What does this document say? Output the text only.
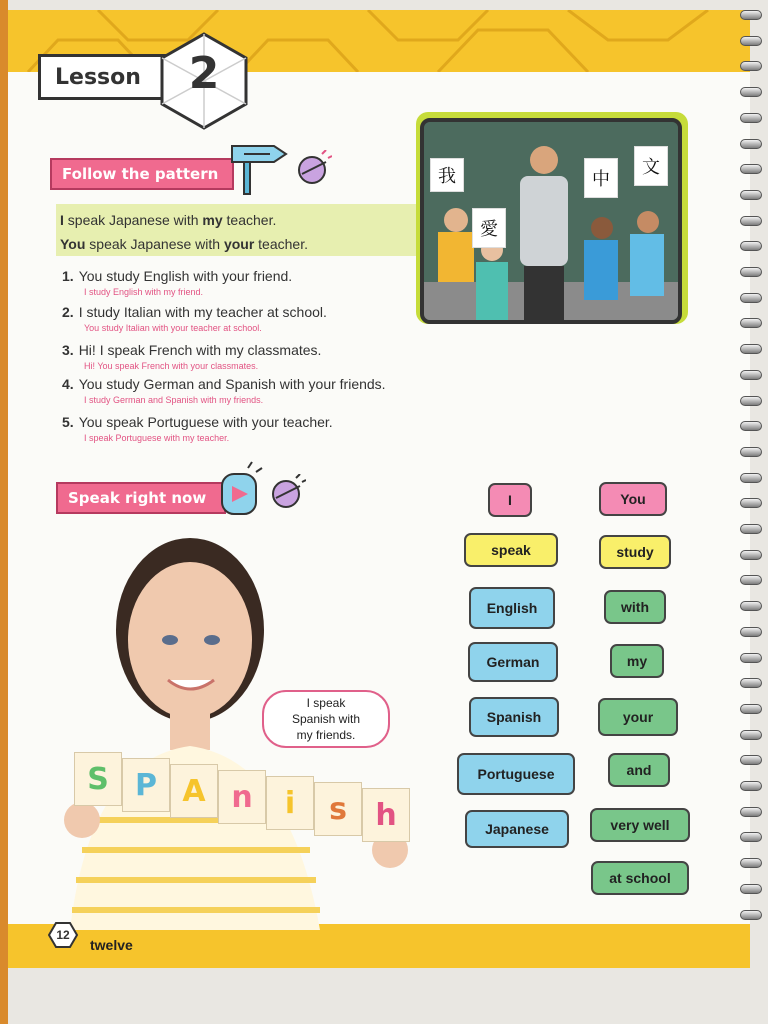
Lesson	2
Follow the pattern
I speak Japanese with my teacher.
You speak Japanese with your teacher.
1. You study English with your friend.
I study English with my friend.
2. I study Italian with my teacher at school.
You study Italian with your teacher at school.
3. Hi! I speak French with my classmates.
Hi! You speak French with your classmates.
4. You study German and Spanish with your friends.
I study German and Spanish with my friends.
5. You speak Portuguese with your teacher.
I speak Portuguese with my teacher.
我
愛
中
文
Speak right now
S P A n	i	s h
I speak
Spanish with
my friends.
I
speak
English
German
Spanish
Portuguese
Japanese
You
study
with
my
your
and
very well
at school
12
twelve
